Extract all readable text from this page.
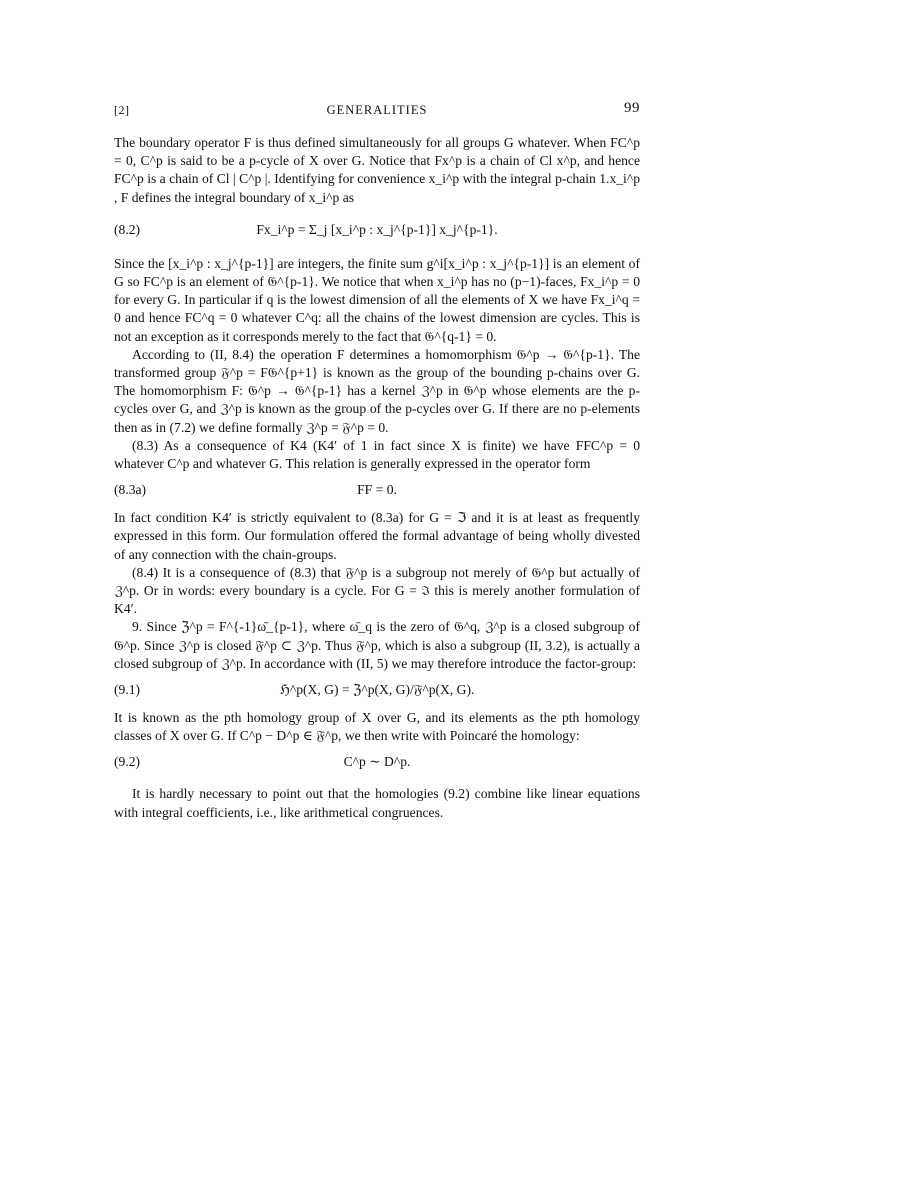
[2]	GENERALITIES	99

The boundary operator F is thus defined simultaneously for all groups G whatever. When FC^p = 0, C^p is said to be a p-cycle of X over G. Notice that Fx^p is a chain of Cl x^p, and hence FC^p is a chain of Cl | C^p |. Identifying for convenience x_i^p with the integral p-chain 1.x_i^p , F defines the integral boundary of x_i^p as

(8.2)	Fx_i^p = Σ_j [x_i^p : x_j^{p-1}] x_j^{p-1}.

Since the [x_i^p : x_j^{p-1}] are integers, the finite sum g^i[x_i^p : x_j^{p-1}] is an element of G so FC^p is an element of 𝔊^{p-1}. We notice that when x_i^p has no (p−1)-faces, Fx_i^p = 0 for every G. In particular if q is the lowest dimension of all the elements of X we have Fx_i^q = 0 and hence FC^q = 0 whatever C^q: all the chains of the lowest dimension are cycles. This is not an exception as it corresponds merely to the fact that 𝔊^{q-1} = 0.

According to (II, 8.4) the operation F determines a homomorphism 𝔊^p → 𝔊^{p-1}. The transformed group 𝔉^p = F𝔊^{p+1} is known as the group of the bounding p-chains over G. The homomorphism F: 𝔊^p → 𝔊^{p-1} has a kernel ℨ^p in 𝔊^p whose elements are the p-cycles over G, and ℨ^p is known as the group of the p-cycles over G. If there are no p-elements then as in (7.2) we define formally ℨ^p = 𝔉^p = 0.

(8.3) As a consequence of K4 (K4′ of 1 in fact since X is finite) we have FFC^p = 0 whatever C^p and whatever G. This relation is generally expressed in the operator form

(8.3a)	FF = 0.

In fact condition K4′ is strictly equivalent to (8.3a) for G = ℑ and it is at least as frequently expressed in this form. Our formulation offered the formal advantage of being wholly divested of any connection with the chain-groups.

(8.4) It is a consequence of (8.3) that 𝔉^p is a subgroup not merely of 𝔊^p but actually of ℨ^p. Or in words: every boundary is a cycle. For G = ℑ this is merely another formulation of K4′.

9. Since ℨ^p = F^{-1}ω̄_{p-1}, where ω̄_q is the zero of 𝔊^q, ℨ^p is a closed subgroup of 𝔊^p. Since ℨ^p is closed 𝔉̄^p ⊂ ℨ^p. Thus 𝔉̄^p, which is also a subgroup (II, 3.2), is actually a closed subgroup of ℨ^p. In accordance with (II, 5) we may therefore introduce the factor-group:

(9.1)	ℌ^p(X, G) = ℨ^p(X, G)/𝔉̄^p(X, G).

It is known as the pth homology group of X over G, and its elements as the pth homology classes of X over G. If C^p − D^p ∈ 𝔉̄^p, we then write with Poincaré the homology:

(9.2)	C^p ∼ D^p.

It is hardly necessary to point out that the homologies (9.2) combine like linear equations with integral coefficients, i.e., like arithmetical congruences.
